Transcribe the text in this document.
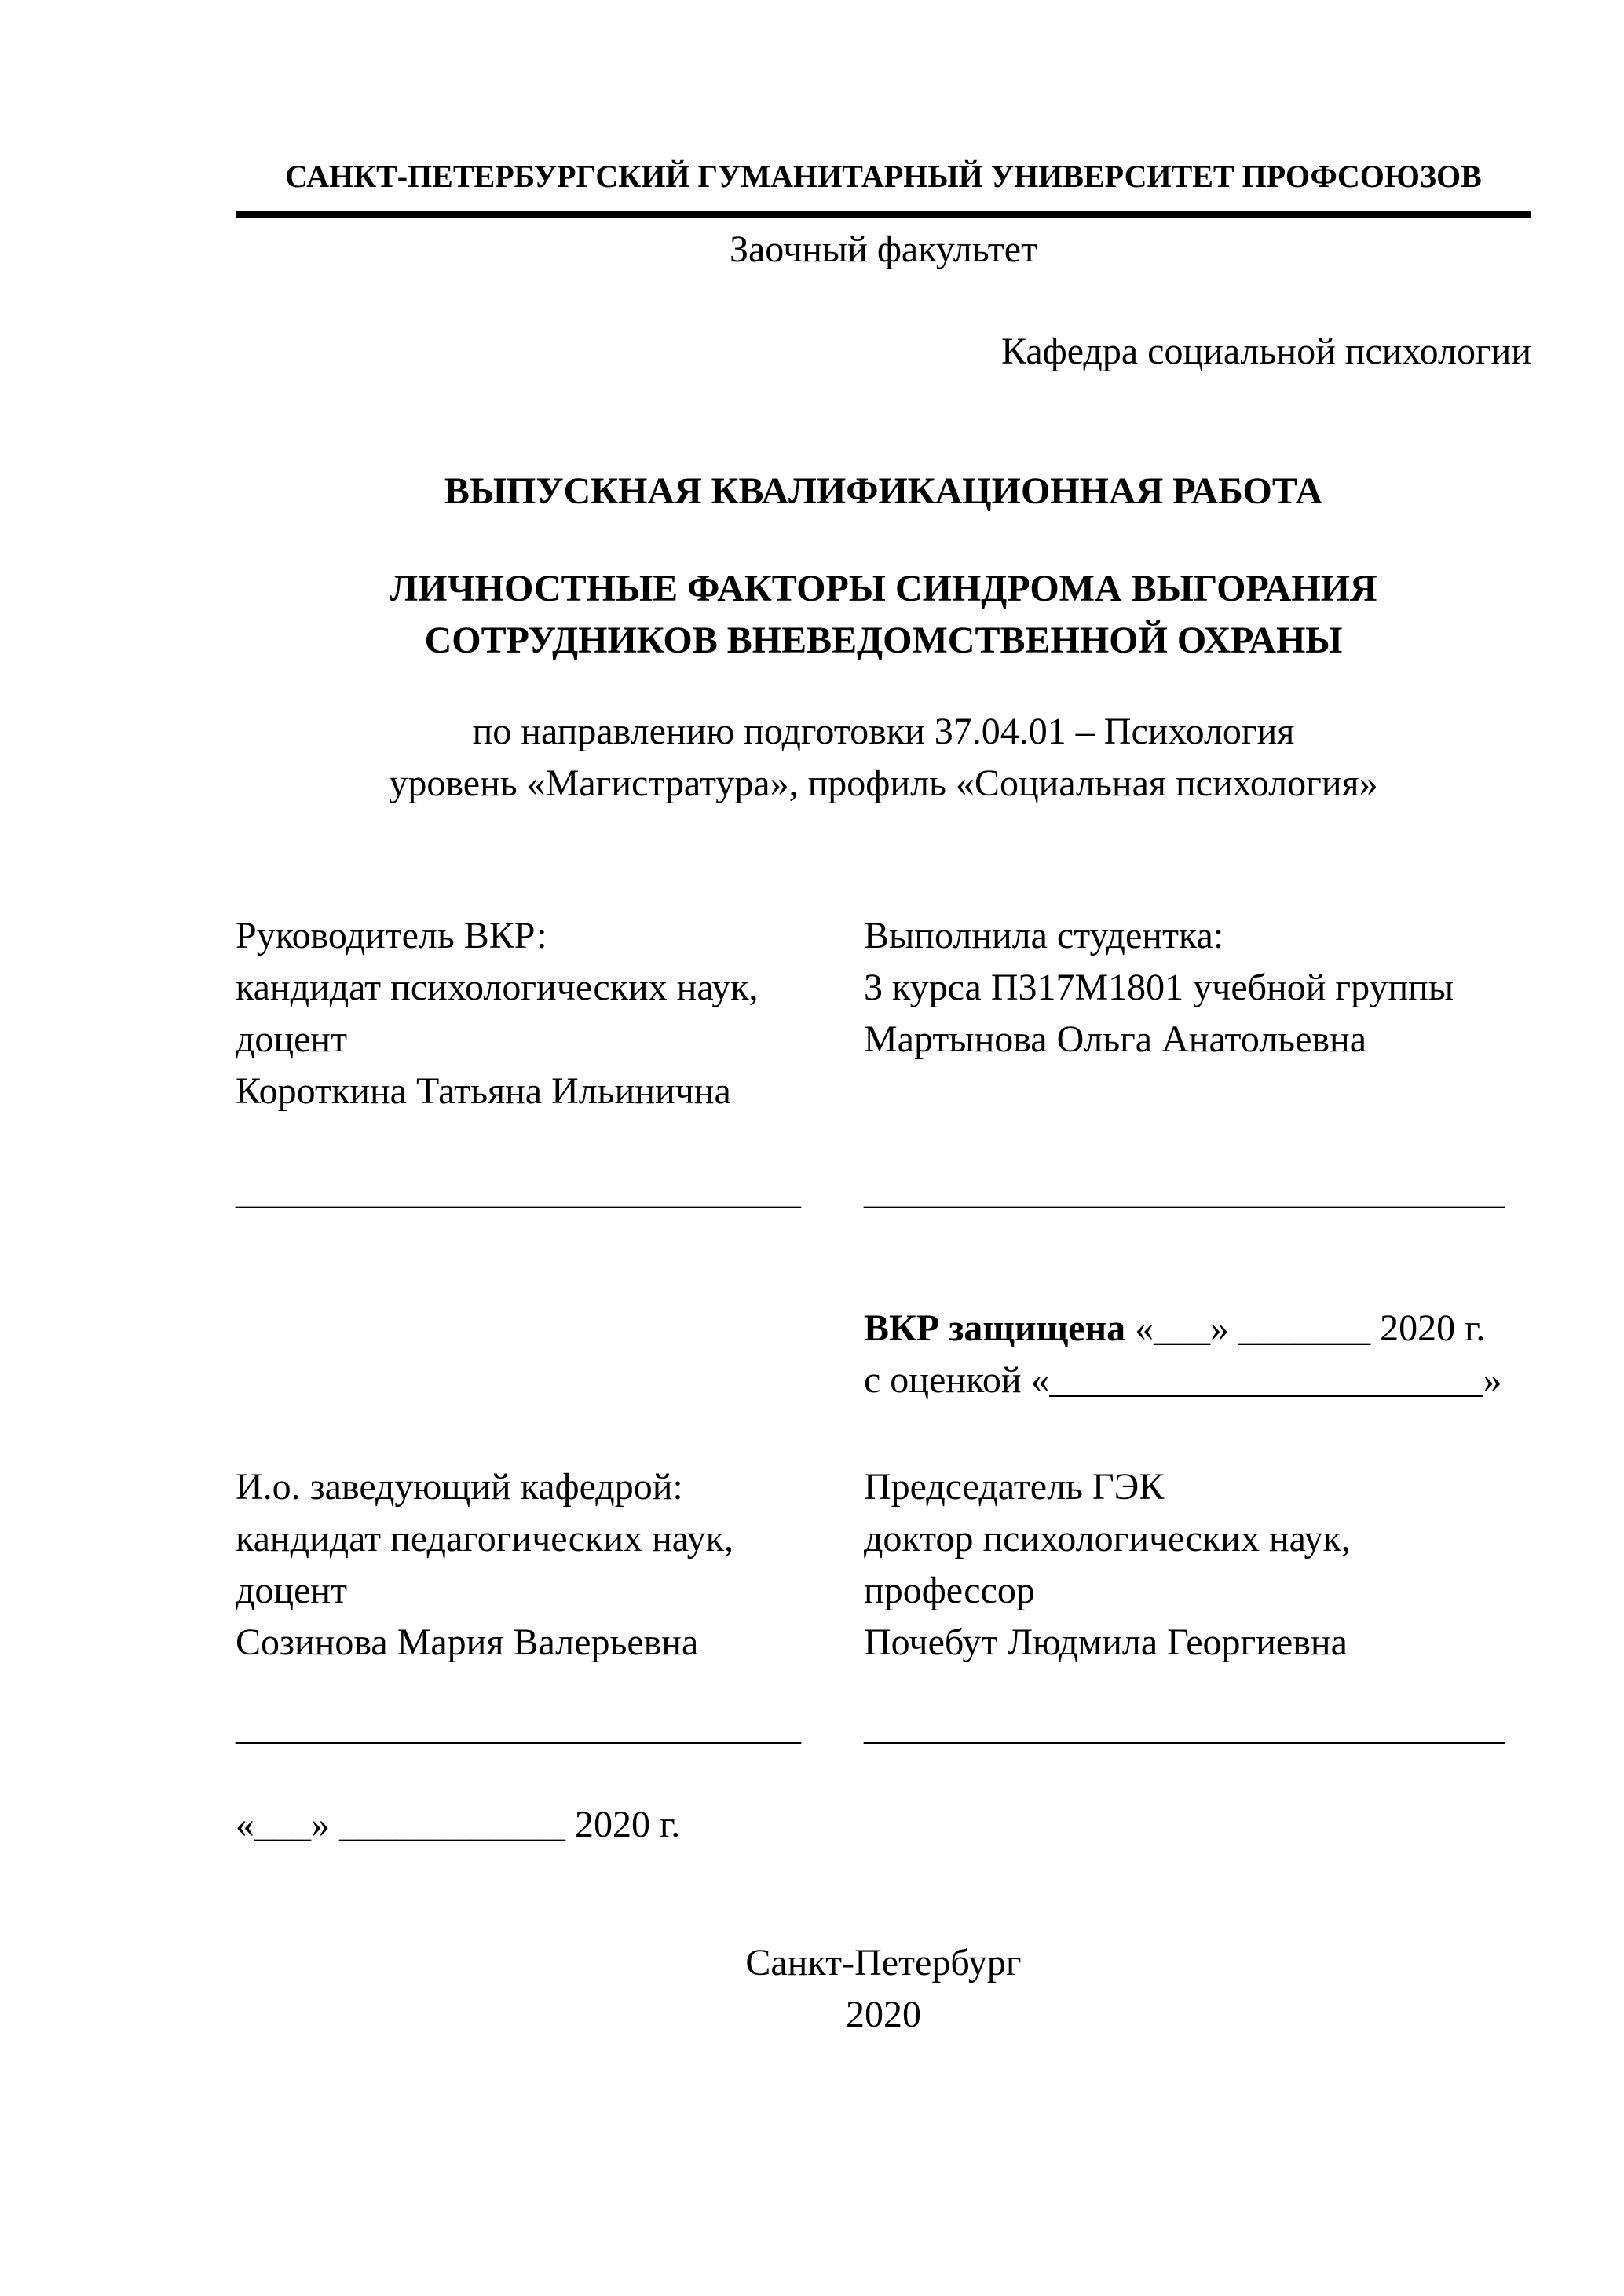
САНКТ-ПЕТЕРБУРГСКИЙ ГУМАНИТАРНЫЙ УНИВЕРСИТЕТ ПРОФСОЮЗОВ
Заочный факультет
Кафедра социальной психологии
ВЫПУСКНАЯ КВАЛИФИКАЦИОННАЯ РАБОТА
ЛИЧНОСТНЫЕ ФАКТОРЫ СИНДРОМА ВЫГОРАНИЯ
СОТРУДНИКОВ ВНЕВЕДОМСТВЕННОЙ ОХРАНЫ
по направлению подготовки 37.04.01 – Психология
уровень «Магистратура», профиль «Социальная психология»
Руководитель ВКР:
кандидат психологических наук,
доцент
Короткина Татьяна Ильинична
Выполнила студентка:
3 курса П317М1801 учебной группы
Мартынова Ольга Анатольевна
______________________________	__________________________________
ВКР защищена «___» _______ 2020 г.
с оценкой «_______________________»
И.о. заведующий кафедрой:
кандидат педагогических наук,
доцент
Созинова Мария Валерьевна
Председатель ГЭК
доктор психологических наук,
профессор
Почебут Людмила Георгиевна
______________________________	__________________________________
«___» ____________ 2020 г.
Санкт-Петербург
2020
